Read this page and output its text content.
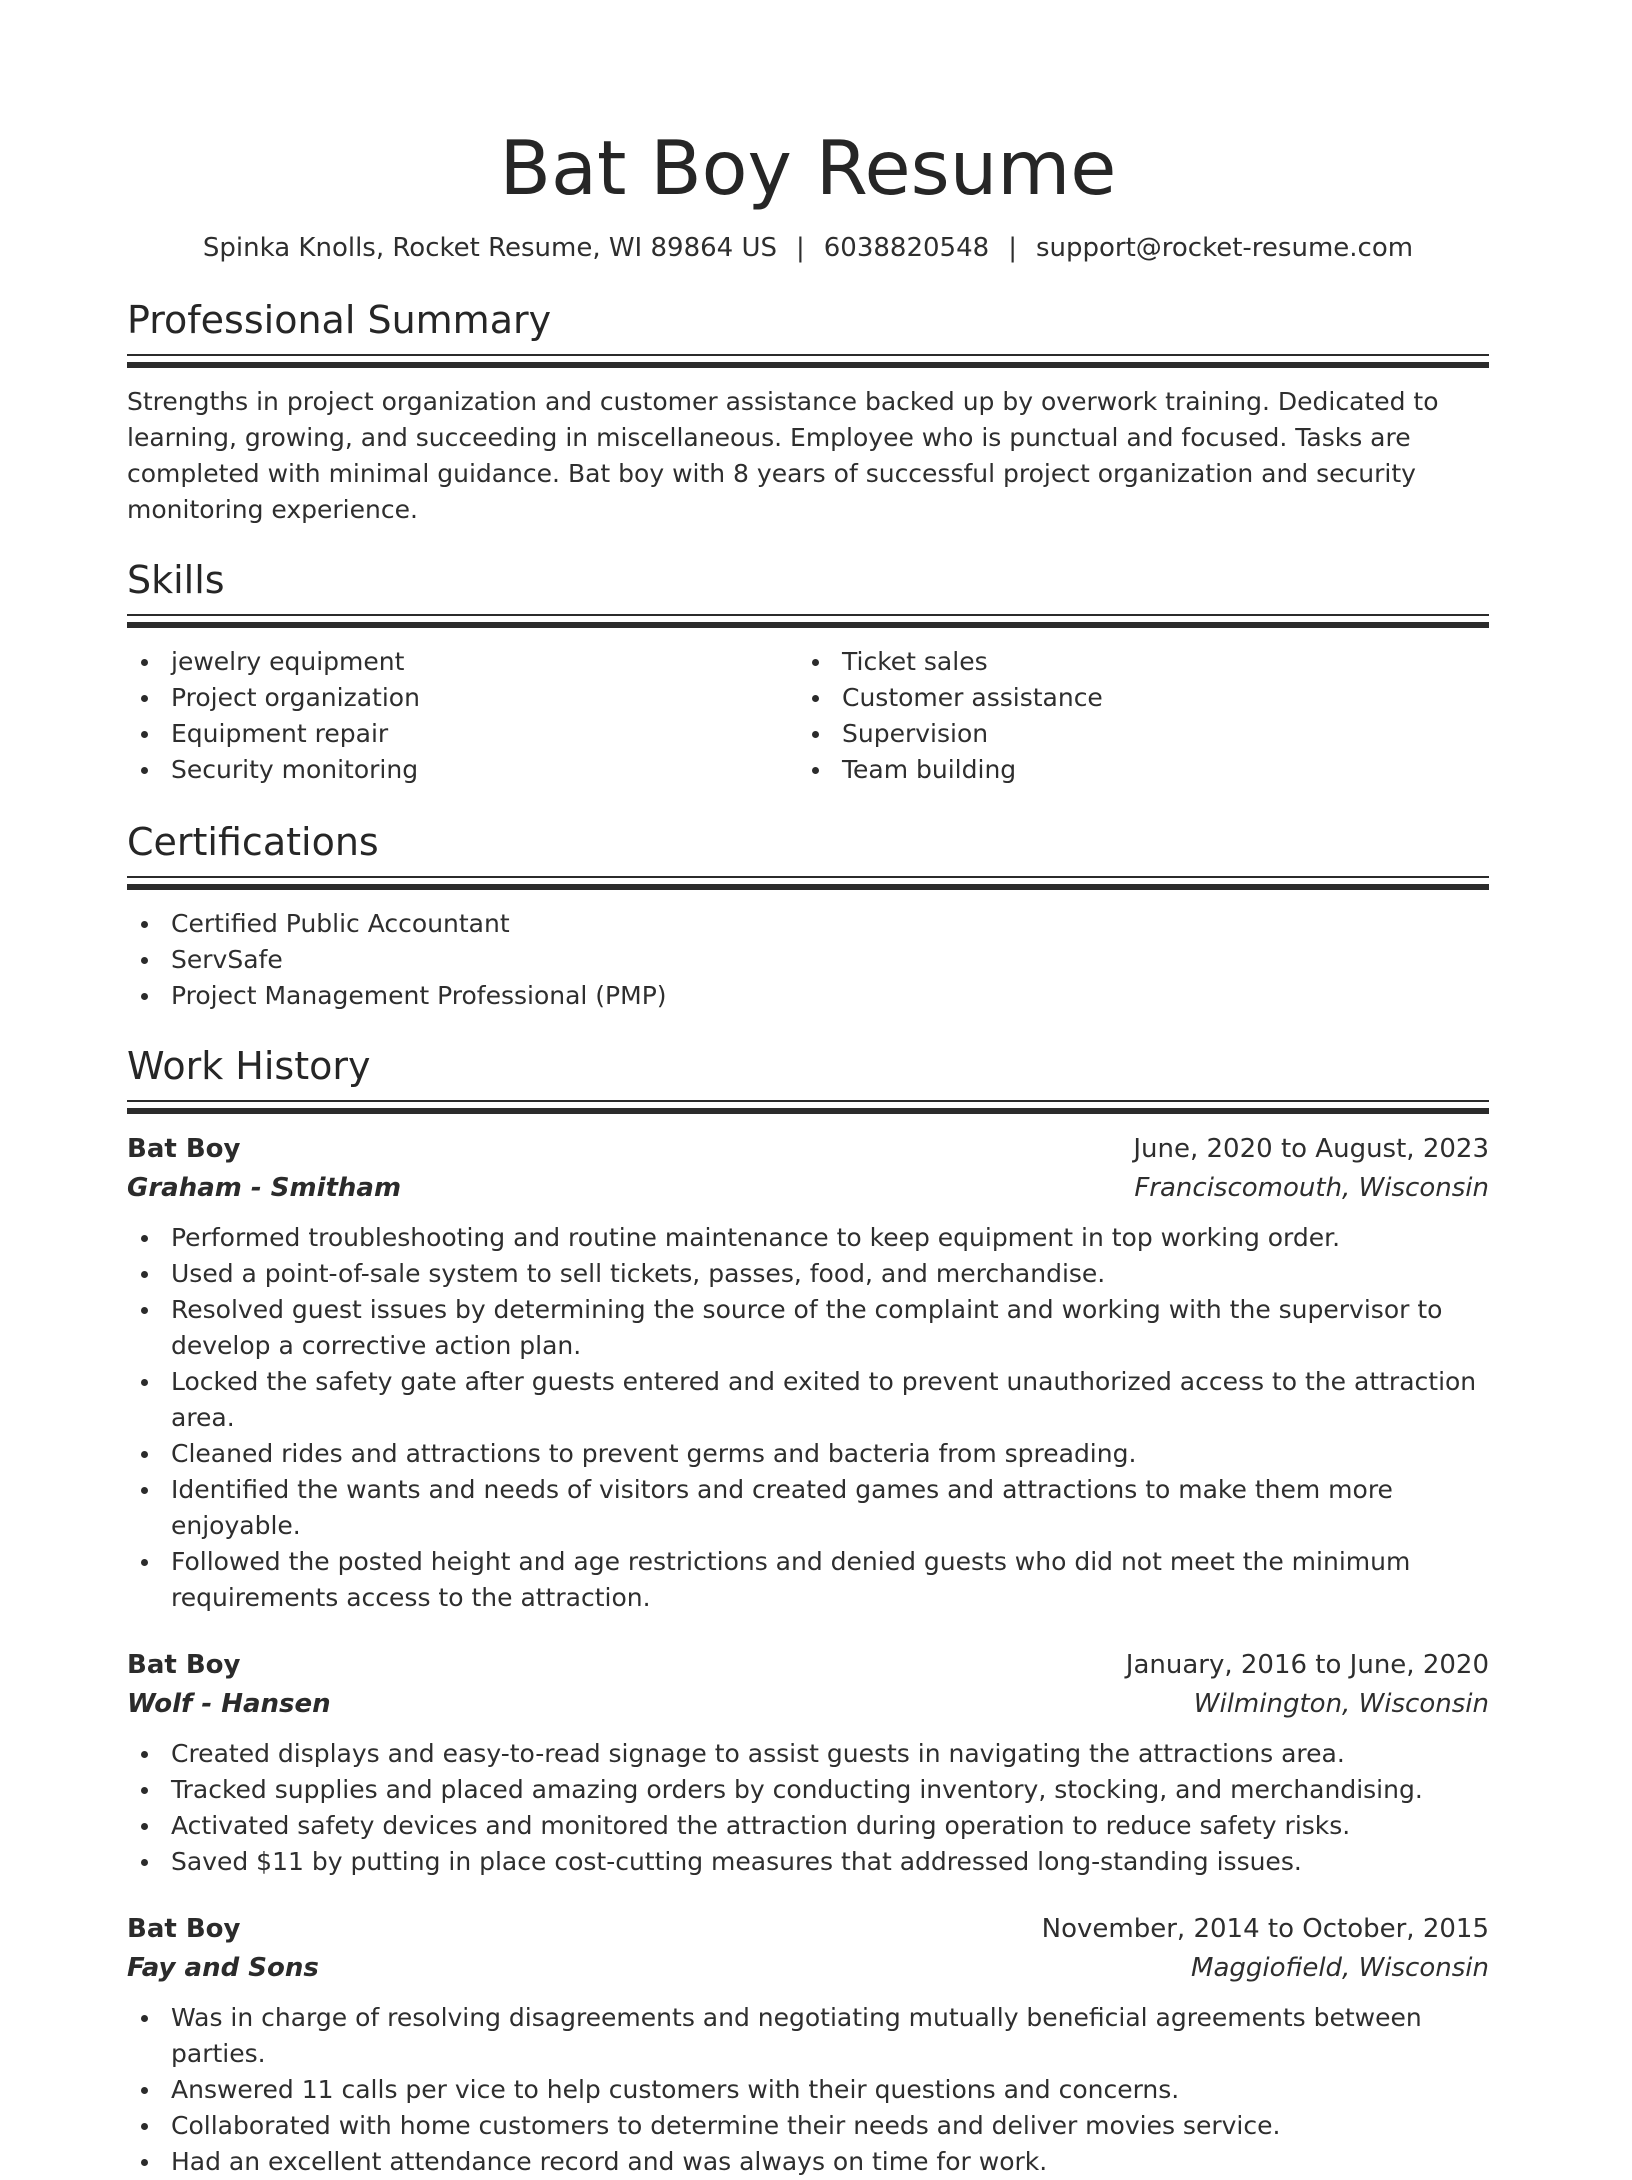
Bat Boy Resume
Spinka Knolls, Rocket Resume, WI 89864 US | 6038820548 | support@rocket-resume.com
Professional Summary

Strengths in project organization and customer assistance backed up by overwork training. Dedicated to learning, growing, and succeeding in miscellaneous. Employee who is punctual and focused. Tasks are completed with minimal guidance. Bat boy with 8 years of successful project organization and security monitoring experience.

Skills
jewelry equipment
Project organization
Equipment repair
Security monitoring
Ticket sales
Customer assistance
Supervision
Team building
Certifications
Certified Public Accountant
ServSafe
Project Management Professional (PMP)
Work History
Bat Boy	June, 2020 to August, 2023
Graham - Smitham	Franciscomouth, Wisconsin
Performed troubleshooting and routine maintenance to keep equipment in top working order.
Used a point-of-sale system to sell tickets, passes, food, and merchandise.
Resolved guest issues by determining the source of the complaint and working with the supervisor to develop a corrective action plan.
Locked the safety gate after guests entered and exited to prevent unauthorized access to the attraction area.
Cleaned rides and attractions to prevent germs and bacteria from spreading.
Identified the wants and needs of visitors and created games and attractions to make them more enjoyable.
Followed the posted height and age restrictions and denied guests who did not meet the minimum requirements access to the attraction.
Bat Boy	January, 2016 to June, 2020
Wolf - Hansen	Wilmington, Wisconsin
Created displays and easy-to-read signage to assist guests in navigating the attractions area.
Tracked supplies and placed amazing orders by conducting inventory, stocking, and merchandising.
Activated safety devices and monitored the attraction during operation to reduce safety risks.
Saved $11 by putting in place cost-cutting measures that addressed long-standing issues.
Bat Boy	November, 2014 to October, 2015
Fay and Sons	Maggiofield, Wisconsin
Was in charge of resolving disagreements and negotiating mutually beneficial agreements between parties.
Answered 11 calls per vice to help customers with their questions and concerns.
Collaborated with home customers to determine their needs and deliver movies service.
Had an excellent attendance record and was always on time for work.
